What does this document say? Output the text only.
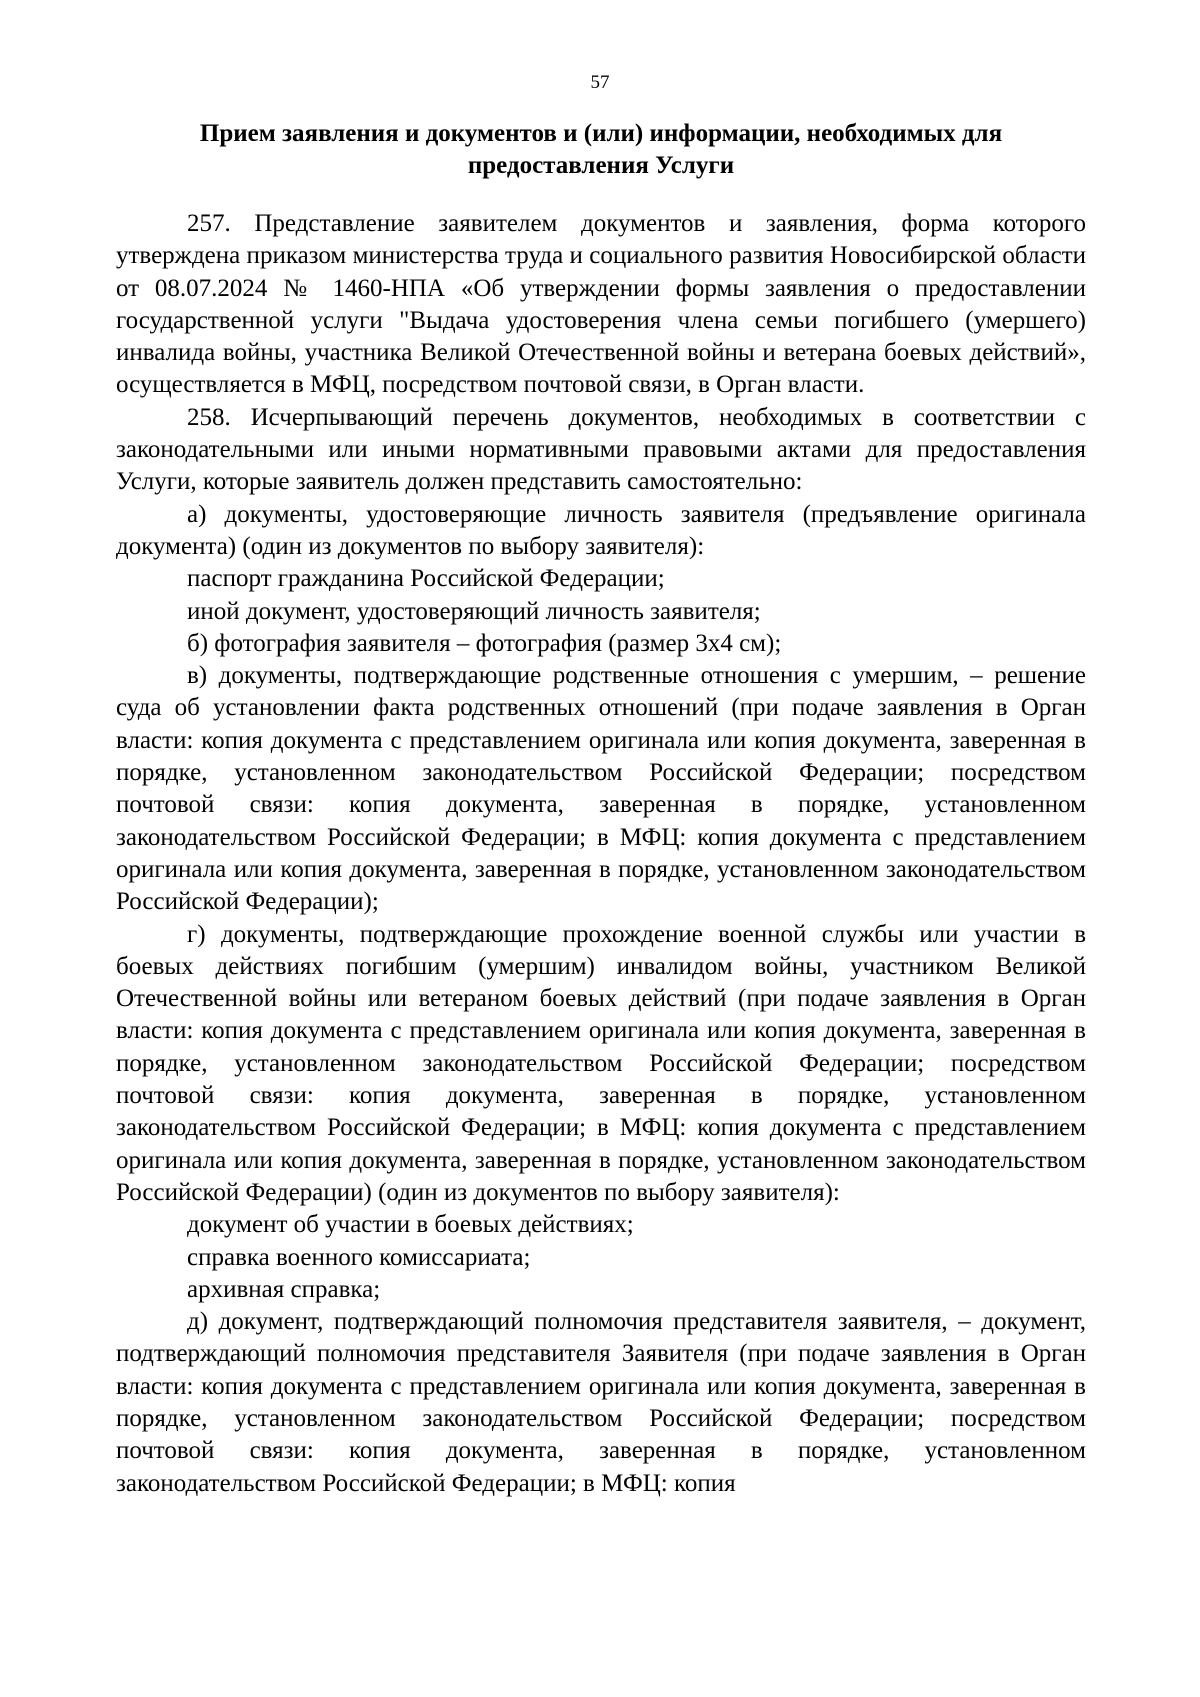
57
Прием заявления и документов и (или) информации, необходимых для предоставления Услуги

257. Представление заявителем документов и заявления, форма которого утверждена приказом министерства труда и социального развития Новосибирской области от 08.07.2024 № 1460-НПА «Об утверждении формы заявления о предоставлении государственной услуги "Выдача удостоверения члена семьи погибшего (умершего) инвалида войны, участника Великой Отечественной войны и ветерана боевых действий», осуществляется в МФЦ, посредством почтовой связи, в Орган власти.

258. Исчерпывающий перечень документов, необходимых в соответствии с законодательными или иными нормативными правовыми актами для предоставления Услуги, которые заявитель должен представить самостоятельно:

а) документы, удостоверяющие личность заявителя (предъявление оригинала документа) (один из документов по выбору заявителя):

паспорт гражданина Российской Федерации;

иной документ, удостоверяющий личность заявителя;

б) фотография заявителя – фотография (размер 3х4 см);

в) документы, подтверждающие родственные отношения с умершим, – решение суда об установлении факта родственных отношений (при подаче заявления в Орган власти: копия документа с представлением оригинала или копия документа, заверенная в порядке, установленном законодательством Российской Федерации; посредством почтовой связи: копия документа, заверенная в порядке, установленном законодательством Российской Федерации; в МФЦ: копия документа с представлением оригинала или копия документа, заверенная в порядке, установленном законодательством Российской Федерации);

г) документы, подтверждающие прохождение военной службы или участии в боевых действиях погибшим (умершим) инвалидом войны, участником Великой Отечественной войны или ветераном боевых действий (при подаче заявления в Орган власти: копия документа с представлением оригинала или копия документа, заверенная в порядке, установленном законодательством Российской Федерации; посредством почтовой связи: копия документа, заверенная в порядке, установленном законодательством Российской Федерации; в МФЦ: копия документа с представлением оригинала или копия документа, заверенная в порядке, установленном законодательством Российской Федерации) (один из документов по выбору заявителя):

документ об участии в боевых действиях;

справка военного комиссариата;

архивная справка;

д) документ, подтверждающий полномочия представителя заявителя, – документ, подтверждающий полномочия представителя Заявителя (при подаче заявления в Орган власти: копия документа с представлением оригинала или копия документа, заверенная в порядке, установленном законодательством Российской Федерации; посредством почтовой связи: копия документа, заверенная в порядке, установленном законодательством Российской Федерации; в МФЦ: копия
